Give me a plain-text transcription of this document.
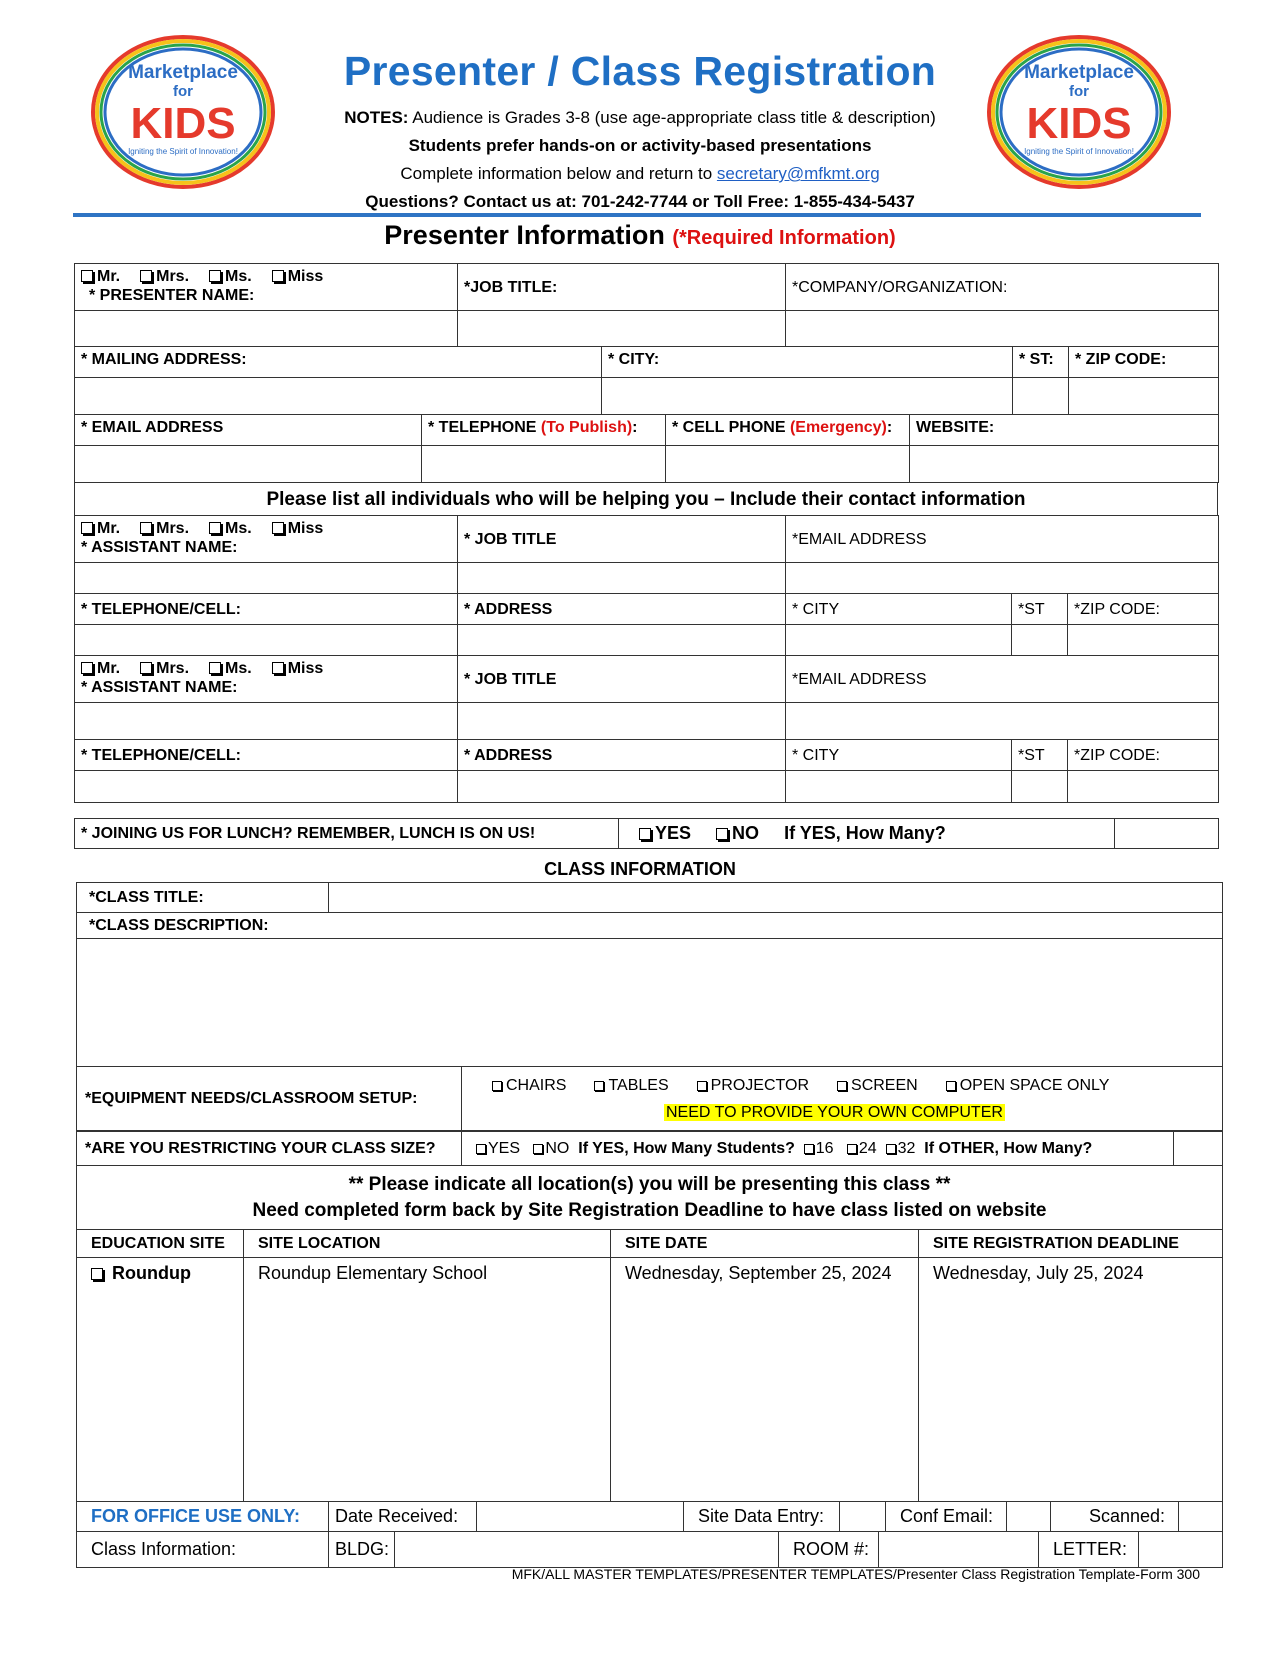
Marketplace
for
KIDS
Igniting the Spirit of Innovation!
Marketplace
for
KIDS
Igniting the Spirit of Innovation!
Presenter / Class Registration
NOTES: Audience is Grades 3-8 (use age-appropriate class title & description)
Students prefer hands-on or activity-based presentations
Complete information below and return to secretary@mfkmt.org
Questions? Contact us at: 701-242-7744 or Toll Free: 1-855-434-5437
Presenter Information (*Required Information)
Mr. Mrs. Ms. Miss
* PRESENTER NAME:	*JOB TITLE:	*COMPANY/ORGANIZATION:

* MAILING ADDRESS:	* CITY:	* ST:	* ZIP CODE:

* EMAIL ADDRESS	* TELEPHONE (To Publish):	* CELL PHONE (Emergency):	WEBSITE:

Please list all individuals who will be helping you – Include their contact information
Mr. Mrs. Ms. Miss
* ASSISTANT NAME:	* JOB TITLE	*EMAIL ADDRESS		

* TELEPHONE/CELL:	* ADDRESS	* CITY	*ST	*ZIP CODE:

Mr. Mrs. Ms. Miss
* ASSISTANT NAME:	* JOB TITLE	*EMAIL ADDRESS		

* TELEPHONE/CELL:	* ADDRESS	* CITY	*ST	*ZIP CODE:

* JOINING US FOR LUNCH? REMEMBER, LUNCH IS ON US!	YES NO If YES, How Many?	
CLASS INFORMATION
*CLASS TITLE:		
*CLASS DESCRIPTION:		

*EQUIPMENT NEEDS/CLASSROOM SETUP:		CHAIRS TABLES PROJECTOR SCREEN OPEN SPACE ONLY
NEED TO PROVIDE YOUR OWN COMPUTER
*ARE YOU RESTRICTING YOUR CLASS SIZE?	YES NO If YES, How Many Students? 16 24 32 If OTHER, How Many?	
** Please indicate all location(s) you will be presenting this class **
Need completed form back by Site Registration Deadline to have class listed on website			

EDUCATION SITE	SITE LOCATION	SITE DATE	SITE REGISTRATION DEADLINE
Roundup	Roundup Elementary School	Wednesday, September 25, 2024	Wednesday, July 25, 2024
FOR OFFICE USE ONLY:	Date Received:		Site Data Entry:		Conf Email:		Scanned:	
Class Information:	BLDG:		ROOM #:		LETTER:	
MFK/ALL MASTER TEMPLATES/PRESENTER TEMPLATES/Presenter Class Registration Template-Form 300
